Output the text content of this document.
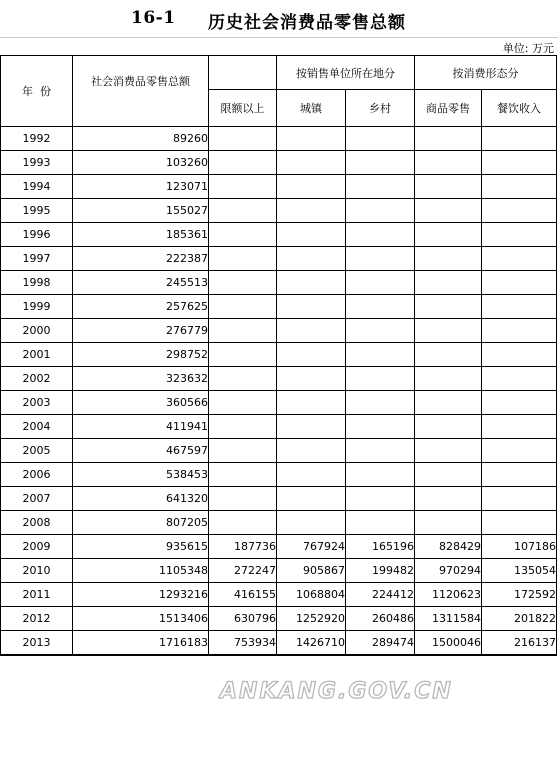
16-1 历史社会消费品零售总额
单位: 万元
年  份	社会消费品零售总额		按销售单位所在地分		按消费形态分	
		限额以上	城镇	乡村	商品零售	餐饮收入
1992	89260					
1993	103260					
1994	123071					
1995	155027					
1996	185361					
1997	222387					
1998	245513					
1999	257625					
2000	276779					
2001	298752					
2002	323632					
2003	360566					
2004	411941					
2005	467597					
2006	538453					
2007	641320					
2008	807205					
2009	935615	187736	767924	165196	828429	107186
2010	1105348	272247	905867	199482	970294	135054
2011	1293216	416155	1068804	224412	1120623	172592
2012	1513406	630796	1252920	260486	1311584	201822
2013	1716183	753934	1426710	289474	1500046	216137
ANKANG.GOV.CN
